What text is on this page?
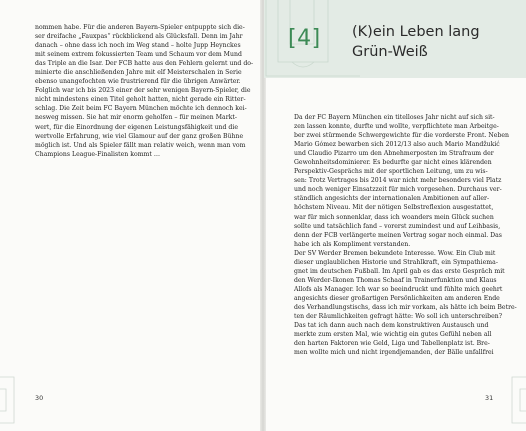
[4] (K)ein Leben lang
Grün-Weiß
nommen habe. Für die anderen Bayern-Spieler entpuppte sich die-
ser dreifache „Fauxpas“ rückblickend als Glücksfall. Denn im Jahr
danach – ohne dass ich noch im Weg stand – holte Jupp Heynckes
mit seinem extrem fokussierten Team und Schaum vor dem Mund
das Triple an die Isar. Der FCB hatte aus den Fehlern gelernt und do-
minierte die anschließenden Jahre mit elf Meisterschalen in Serie
ebenso unangefochten wie frustrierend für die übrigen Anwärter.
Folglich war ich bis 2023 einer der sehr wenigen Bayern-Spieler, die
nicht mindestens einen Titel geholt hatten, nicht gerade ein Ritter-
schlag. Die Zeit beim FC Bayern München möchte ich dennoch kei-
nesweg missen. Sie hat mir enorm geholfen – für meinen Markt-
wert, für die Einordnung der eigenen Leistungsfähigkeit und die
wertvolle Erfahrung, wie viel Glamour auf der ganz großen Bühne
möglich ist. Und als Spieler fällt man relativ weich, wenn man vom
Champions League-Finalisten kommt …
Da der FC Bayern München ein titelloses Jahr nicht auf sich sit-
zen lassen konnte, durfte und wollte, verpflichtete man Arbeitge-
ber zwei stürmende Schwergewichte für die vorderste Front. Neben
Mario Gómez bewarben sich 2012/13 also auch Mario Mandžukić
und Claudio Pizarro um den Abnehmerposten im Strafraum der
Gewohnheitsdominierer. Es bedurfte gar nicht eines klärenden
Perspektiv-Gesprächs mit der sportlichen Leitung, um zu wis-
sen: Trotz Vertrages bis 2014 war nicht mehr besonders viel Platz
und noch weniger Einsatzzeit für mich vorgesehen. Durchaus ver-
ständlich angesichts der internationalen Ambitionen auf aller-
höchstem Niveau. Mit der nötigen Selbstreflexion ausgestattet,
war für mich sonnenklar, dass ich woanders mein Glück suchen
sollte und tatsächlich fand – vorerst zumindest und auf Leihbasis,
denn der FCB verlängerte meinen Vertrag sogar noch einmal. Das
habe ich als Kompliment verstanden.
Der SV Werder Bremen bekundete Interesse. Wow. Ein Club mit
dieser unglaublichen Historie und Strahlkraft, ein Sympathiema-
gnet im deutschen Fußball. Im April gab es das erste Gespräch mit
den Werder-Ikonen Thomas Schaaf in Trainerfunktion und Klaus
Allofs als Manager. Ich war so beeindruckt und fühlte mich geehrt
angesichts dieser großartigen Persönlichkeiten am anderen Ende
des Verhandlungstischs, dass ich mir vorkam, als hätte ich beim Betre-
ten der Räumlichkeiten gefragt hätte: Wo soll ich unterschreiben?
Das tat ich dann auch nach dem konstruktiven Austausch und
merkte zum ersten Mal, wie wichtig ein gutes Gefühl neben all
den harten Faktoren wie Geld, Liga und Tabellenplatz ist. Bre-
men wollte mich und nicht irgendjemanden, der Bälle unfallfrei
30	31
